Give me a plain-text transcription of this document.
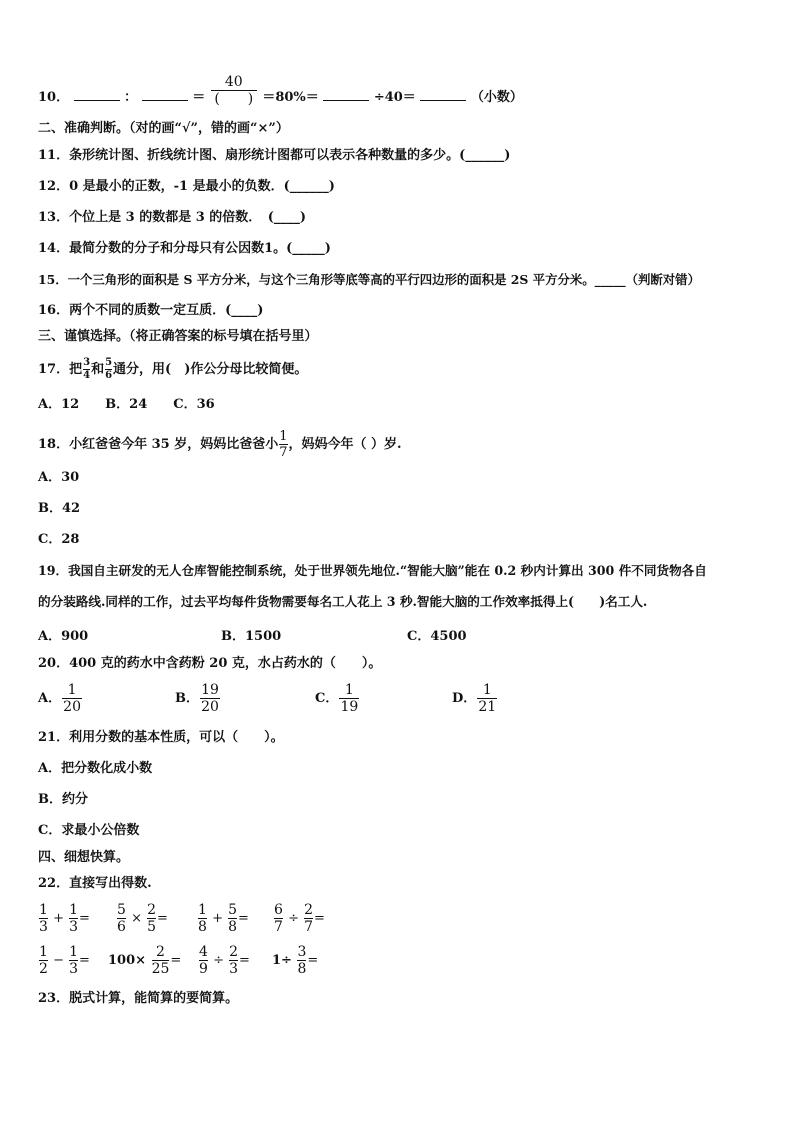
10．	：	＝ $\frac{40}{( )} =80\%=$	÷40＝	（小数）
二、准确判断。（对的画“√”，错的画“×”）
11．条形统计图、折线统计图、扇形统计图都可以表示各种数量的多少。(______)
12．0 是最小的正数，-1 是最小的负数．(______)
13．个位上是 3 的数都是 3 的倍数．　(____)
14．最简分数的分子和分母只有公因数1。(_____)
15．一个三角形的面积是 S 平方分米，与这个三角形等底等高的平行四边形的面积是 2S 平方分米。_____（判断对错）
16．两个不同的质数一定互质．(____)
三、谨慎选择。（将正确答案的标号填在括号里）
17．把 $\frac{3}{4}$ 和 $\frac{5}{6}$ 通分，用(　)作公分母比较简便。
A．12　　B．24　　C．36
18．小红爸爸今年 35 岁，妈妈比爸爸小 $\frac{1}{7}$ ，妈妈今年（ ）岁.
A．30
B．42
C．28
19．我国自主研发的无人仓库智能控制系统，处于世界领先地位.“智能大脑”能在 0.2 秒内计算出 300 件不同货物各自
的分装路线.同样的工作，过去平均每件货物需要每名工人花上 3 秒.智能大脑的工作效率抵得上(　　)名工人.
A．900	B．1500	C．4500
20．400 克的药水中含药粉 20 克，水占药水的（　　）。
A． $\frac{1}{20}$	B． $\frac{19}{20}$	C． $\frac{1}{19}$	D． $\frac{1}{21}$
21．利用分数的基本性质，可以（　　）。
A．把分数化成小数
B．约分
C．求最小公倍数
四、细想快算。
22．直接写出得数.
$\frac{1}{3} + \frac{1}{3} = \frac{5}{6} \times \frac{2}{5} = \frac{1}{8} + \frac{5}{8} = \frac{6}{7} \div \frac{2}{7}$ =
$\frac{1}{2} - \frac{1}{3} = 100\times \frac{2}{25} = \frac{4}{9} \div \frac{2}{3} = 1\div \frac{3}{8}$ =
23．脱式计算，能简算的要简算。
